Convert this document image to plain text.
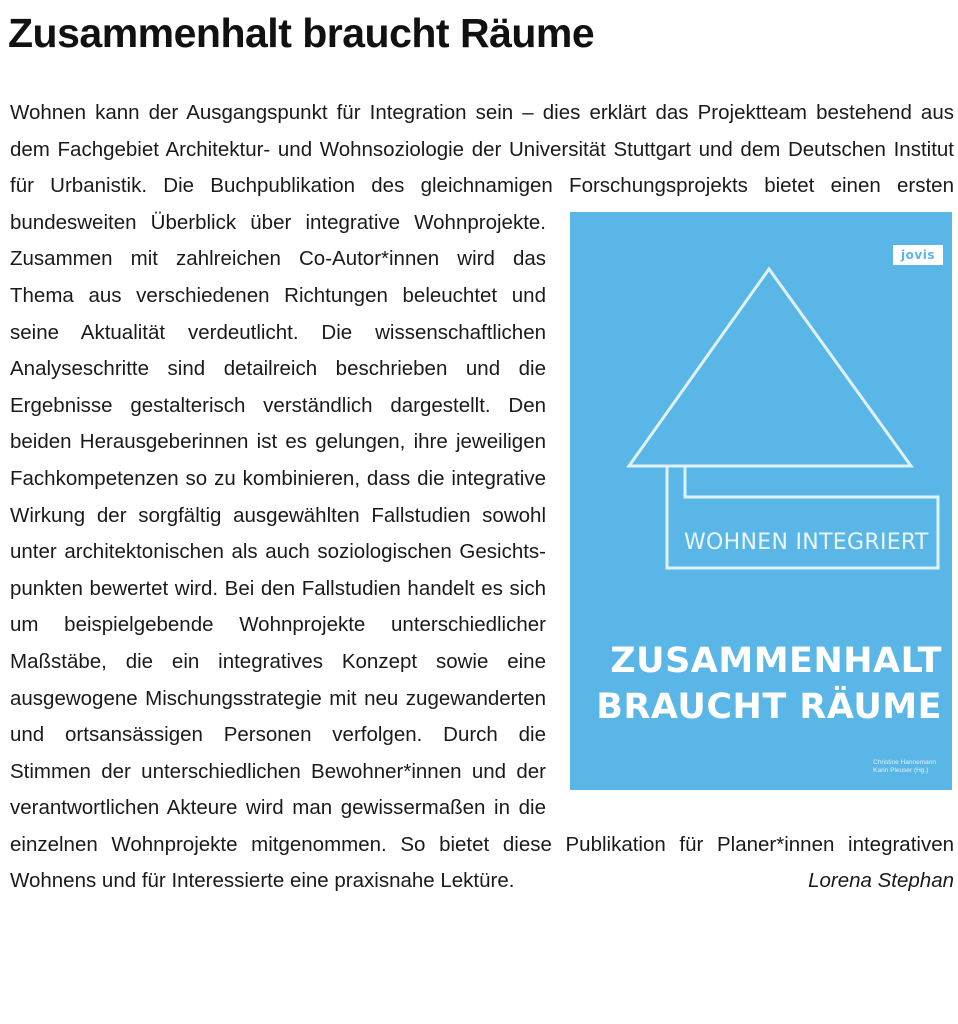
Zusammenhalt braucht Räume

Wohnen kann der Ausgangspunkt für Integration sein – dies erklärt das Projektteam bestehend aus dem Fachgebiet Architektur- und Wohnsoziologie der Universität Stuttgart und dem Deutschen Institut für Urbanistik. Die Buchpublikation des gleichnamigen Forschungsprojekts bietet einen ersten bundesweiten Überblick über integrative Wohnprojekte.
jovis
WOHNEN INTEGRIERT
ZUSAMMENHALT
BRAUCHT RÄUME
Christine Hannemann
Karin Pleuser (Hg.)
Zusammen mit zahlreichen Co-Autor*innen wird das Thema aus verschiedenen Richtungen beleuchtet und seine Aktualität verdeutlicht. Die wissenschaftlichen Analyseschritte sind detailreich beschrieben und die Ergebnisse gestalterisch verständlich dargestellt. Den beiden Herausgeberinnen ist es gelungen, ihre jeweiligen Fachkompetenzen so zu kombinieren, dass die integrative Wirkung der sorgfältig ausgewählten Fallstudien sowohl unter architektonischen als auch soziologischen Gesichtspunkten bewertet wird. Bei den Fallstudien handelt es sich um beispielgebende Wohnprojekte unterschiedlicher Maßstäbe, die ein integratives Konzept sowie eine ausgewogene Mischungsstrategie mit neu zugewanderten und ortsansässigen Personen verfolgen. Durch die Stimmen der unterschiedlichen Bewohner*innen und der verantwortlichen Akteure wird man gewissermaßen in die einzelnen Wohnprojekte mitgenommen. So bietet diese Publikation für Planer*innen integrativen Wohnens und für Interessierte eine praxisnahe Lektüre.	Lorena Stephan
